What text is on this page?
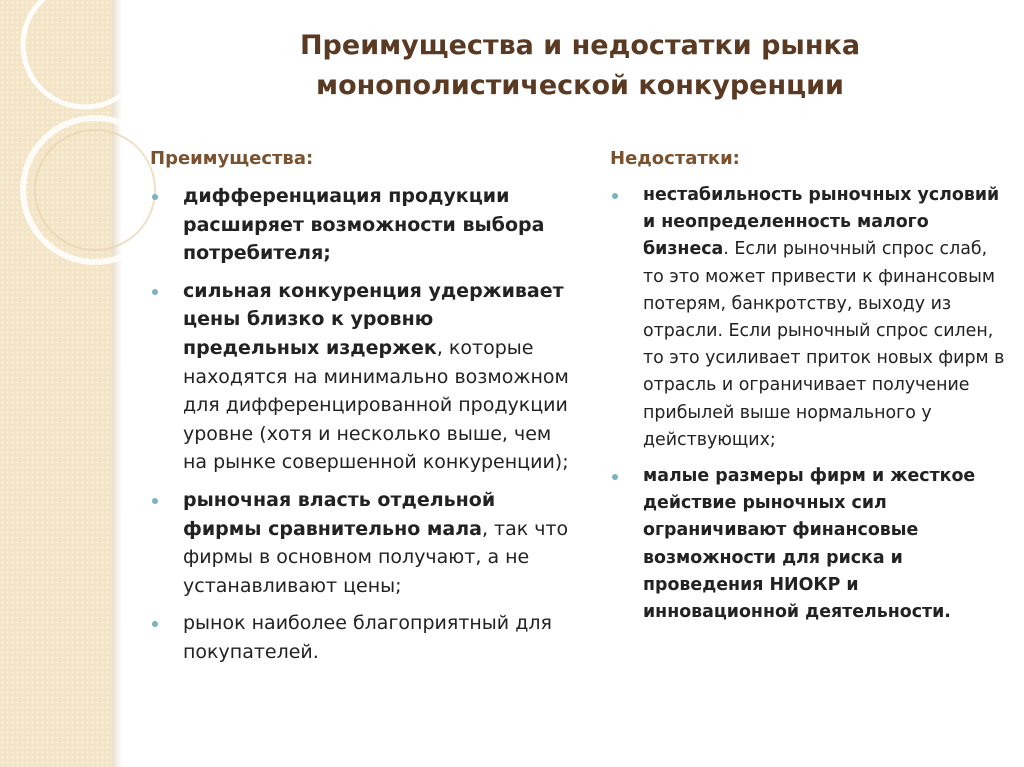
Преимущества и недостатки рынка
монополистической конкуренции
Преимущества:
дифференциация продукции расширяет возможности выбора потребителя;
сильная конкуренция удерживает цены близко к уровню предельных издержек, которые находятся на минимально возможном для дифференцированной продукции уровне (хотя и несколько выше, чем на рынке совершенной конкуренции);
рыночная власть отдельной фирмы сравнительно мала, так что фирмы в основном получают, а не устанавливают цены;
рынок наиболее благоприятный для покупателей.
Недостатки:
нестабильность рыночных условий и неопределенность малого бизнеса. Если рыночный спрос слаб, то это может привести к финансовым потерям, банкротству, выходу из отрасли. Если рыночный спрос силен, то это усиливает приток новых фирм в отрасль и ограничивает получение прибылей выше нормального у действующих;
малые размеры фирм и жесткое действие рыночных сил ограничивают финансовые возможности для риска и проведения НИОКР и инновационной деятельности.
